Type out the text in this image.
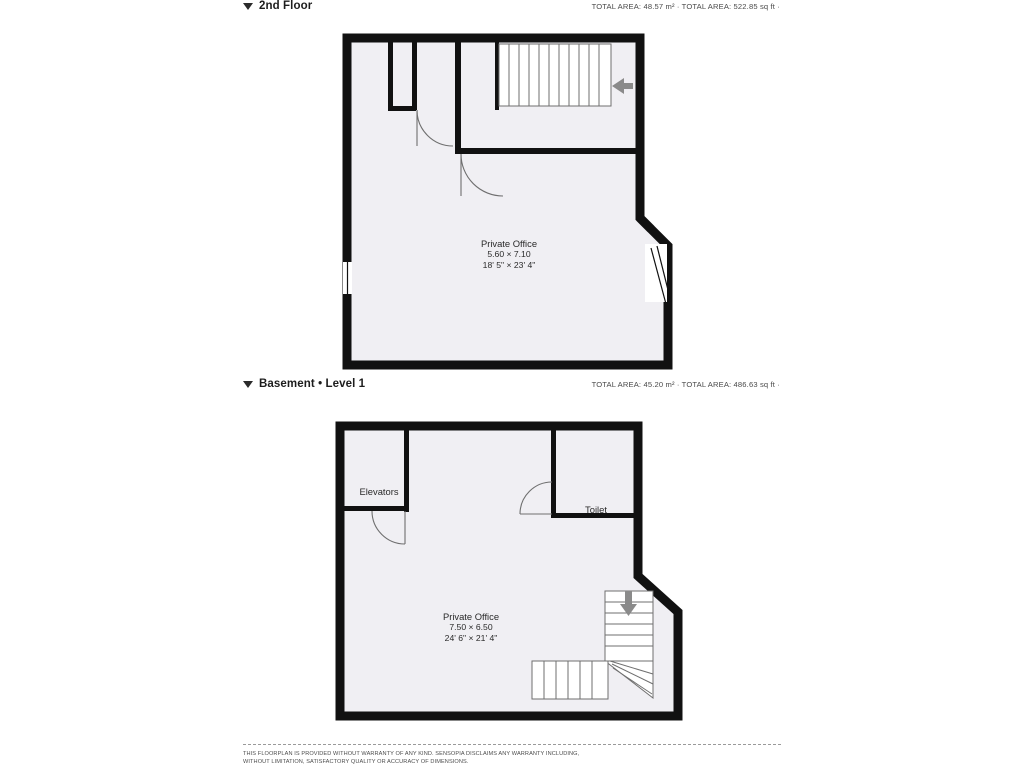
2nd Floor	TOTAL AREA: 48.57 m² · TOTAL AREA: 522.85 sq ft ·
Private Office
5.60 × 7.10
18' 5" × 23' 4"
Basement • Level 1	TOTAL AREA: 45.20 m² · TOTAL AREA: 486.63 sq ft ·
Elevators
Toilet
Private Office
7.50 × 6.50
24' 6" × 21' 4"
THIS FLOORPLAN IS PROVIDED WITHOUT WARRANTY OF ANY KIND. SENSOPIA DISCLAIMS ANY WARRANTY INCLUDING,
WITHOUT LIMITATION, SATISFACTORY QUALITY OR ACCURACY OF DIMENSIONS.
